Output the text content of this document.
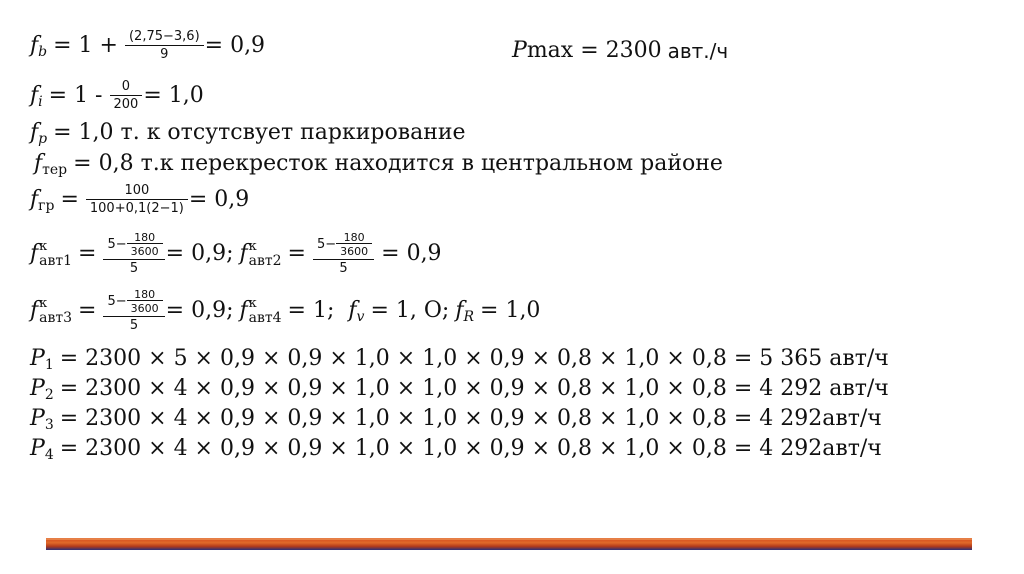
f $b = 1 + \frac{(2,75-3,6)}{9} = 0,9$	P max = 2300 авт./ч
f $i = 1 - \frac{0}{200} = 1,0$
f p = 1,0 т. к отсутсвует паркирование
f тер = 0,8 т.к перекресток находится в центральном районе
f гр = $\frac{100}{100+0,1(2-1)} = 0,9$
f к
$авт1 = \frac{5- \frac{180}{3600}}{5} = 0,9$; f к
$авт2 = \frac{5- \frac{180}{3600}}{5} = 0,9$
f к
$авт3 = \frac{5- \frac{180}{3600}}{5} = 0,9$; f к
авт4 = 1; f v = 1, O; f R = 1,0
P 1 = 2300 × 5 × 0,9 × 0,9 × 1,0 × 1,0 × 0,9 × 0,8 × 1,0 × 0,8 = 5 365 авт/ч
P 2 = 2300 × 4 × 0,9 × 0,9 × 1,0 × 1,0 × 0,9 × 0,8 × 1,0 × 0,8 = 4 292 авт/ч
P 3 = 2300 × 4 × 0,9 × 0,9 × 1,0 × 1,0 × 0,9 × 0,8 × 1,0 × 0,8 = 4 292авт/ч
P 4 = 2300 × 4 × 0,9 × 0,9 × 1,0 × 1,0 × 0,9 × 0,8 × 1,0 × 0,8 = 4 292авт/ч
